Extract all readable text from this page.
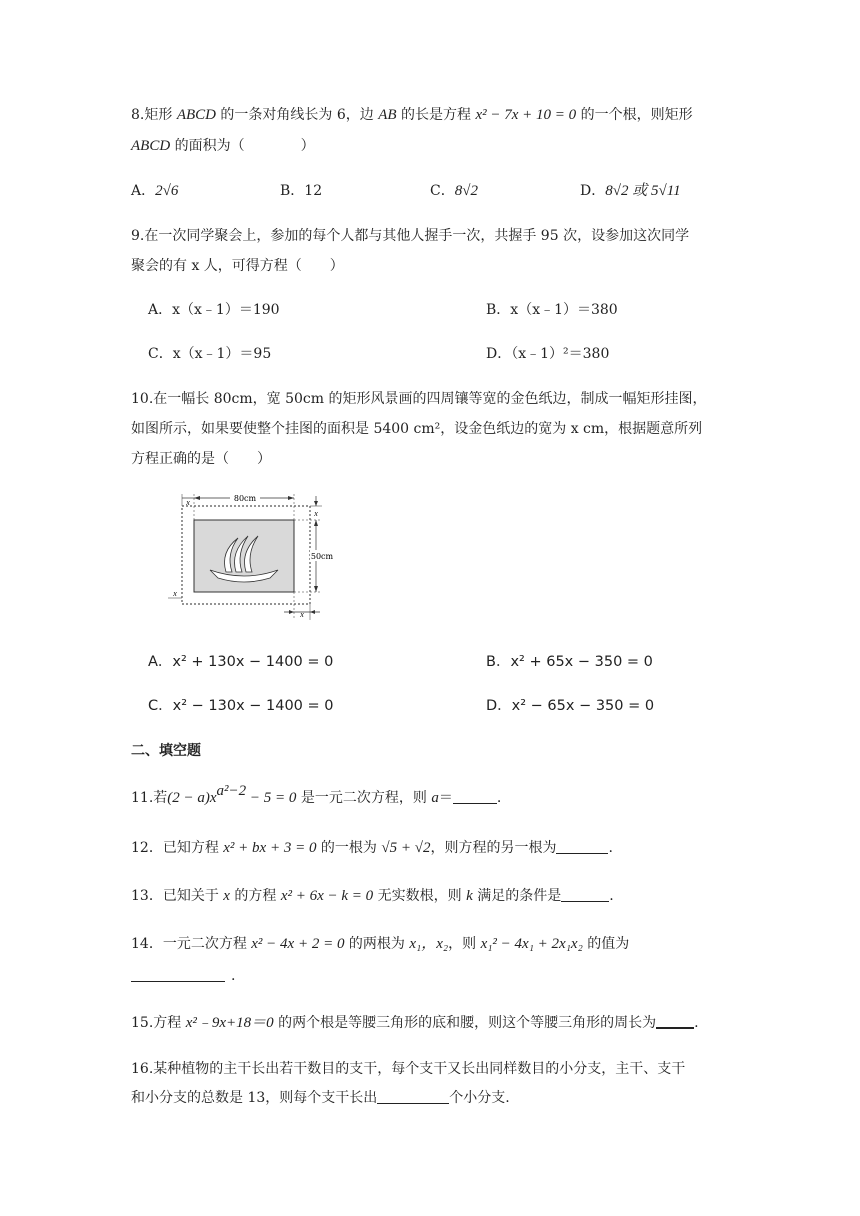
8.矩形 ABCD 的一条对角线长为 6，边 AB 的长是方程 x² − 7x + 10 = 0 的一个根，则矩形
ABCD 的面积为（　　　　）
A．2√6	B．12	C．8√2	D．8√2 或 5√11
9.在一次同学聚会上，参加的每个人都与其他人握手一次，共握手 95 次，设参加这次同学
聚会的有 x 人，可得方程（　　）
A．x（x﹣1）＝190	B．x（x﹣1）＝380
C．x（x﹣1）＝95	D．（x﹣1）²＝380
10.在一幅长 80cm，宽 50cm 的矩形风景画的四周镶等宽的金色纸边，制成一幅矩形挂图，
如图所示，如果要使整个挂图的面积是 5400 cm²，设金色纸边的宽为 x cm，根据题意所列
方程正确的是（　　）
80cm
x
50cm
x
x
x
A．x² + 130x − 1400 = 0	B．x² + 65x − 350 = 0
C．x² − 130x − 1400 = 0	D．x² − 65x − 350 = 0
二、填空题
11.若$(2 - a)x^{a^2-2} - 5 = 0$ 是一元二次方程，则 a＝	.
12．已知方程 x² + bx + 3 = 0 的一根为 √5 + √2，则方程的另一根为	.
13．已知关于 x 的方程 x² + 6x − k = 0 无实数根，则 k 满足的条件是	.
14．一元二次方程 x² − 4x + 2 = 0 的两根为 x₁，x₂，则 x₁² − 4x₁ + 2x₁x₂ 的值为
.
15.方程 x²﹣9x+18＝0 的两个根是等腰三角形的底和腰，则这个等腰三角形的周长为	.
16.某种植物的主干长出若干数目的支干，每个支干又长出同样数目的小分支，主干、支干
和小分支的总数是 13，则每个支干长出	个小分支.
